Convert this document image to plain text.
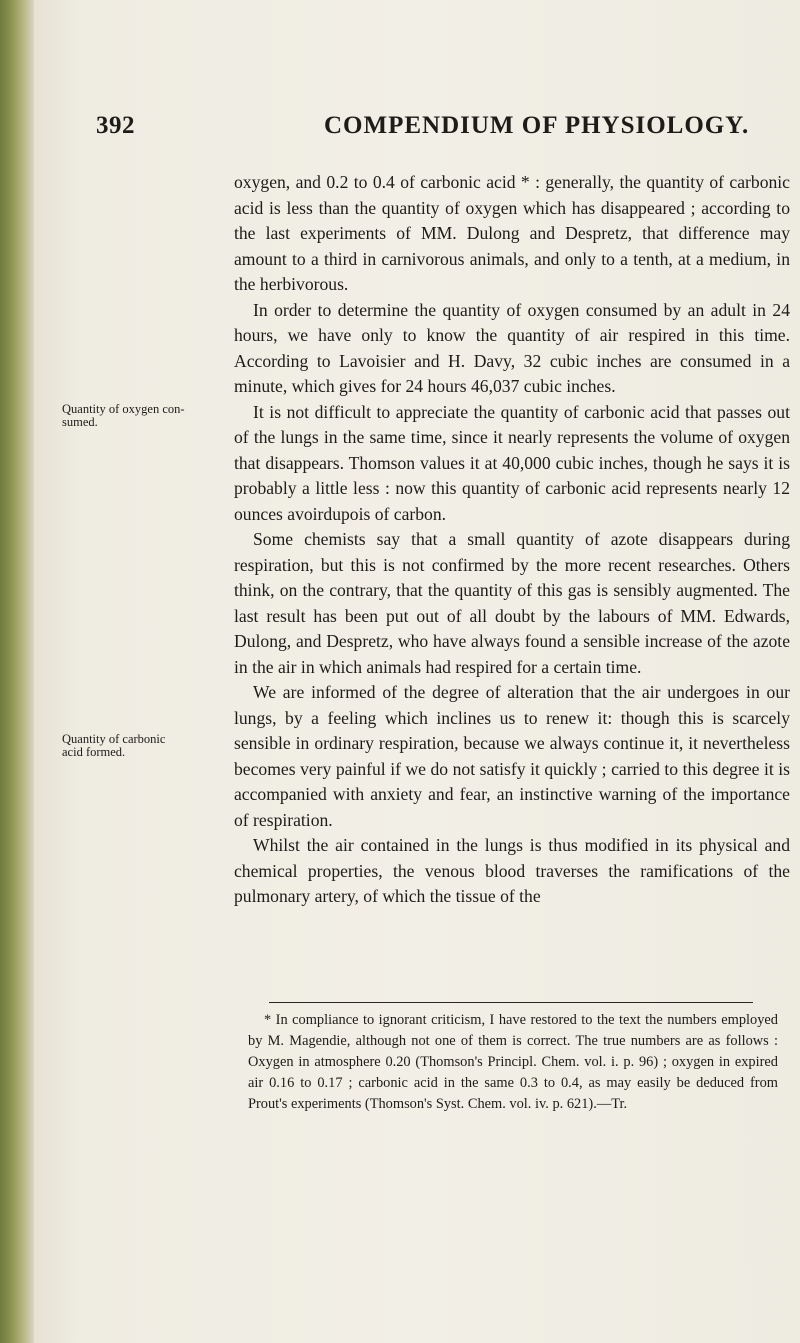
392	COMPENDIUM OF PHYSIOLOGY.
Quantity of oxygen con-sumed.
Quantity of carbonic acid formed.

oxygen, and 0.2 to 0.4 of carbonic acid * : generally, the quantity of carbonic acid is less than the quantity of oxygen which has disappeared ; according to the last experiments of MM. Dulong and Despretz, that difference may amount to a third in carnivorous animals, and only to a tenth, at a medium, in the herbivorous.

In order to determine the quantity of oxygen consumed by an adult in 24 hours, we have only to know the quantity of air respired in this time. According to Lavoisier and H. Davy, 32 cubic inches are consumed in a minute, which gives for 24 hours 46,037 cubic inches.

It is not difficult to appreciate the quantity of carbonic acid that passes out of the lungs in the same time, since it nearly represents the volume of oxygen that disappears. Thomson values it at 40,000 cubic inches, though he says it is probably a little less : now this quantity of carbonic acid represents nearly 12 ounces avoirdupois of carbon.

Some chemists say that a small quantity of azote disappears during respiration, but this is not confirmed by the more recent researches. Others think, on the contrary, that the quantity of this gas is sensibly augmented. The last result has been put out of all doubt by the labours of MM. Edwards, Dulong, and Despretz, who have always found a sensible increase of the azote in the air in which animals had respired for a certain time.

We are informed of the degree of alteration that the air undergoes in our lungs, by a feeling which inclines us to renew it: though this is scarcely sensible in ordinary respiration, because we always continue it, it nevertheless becomes very painful if we do not satisfy it quickly ; carried to this degree it is accompanied with anxiety and fear, an instinctive warning of the importance of respiration.

Whilst the air contained in the lungs is thus modified in its physical and chemical properties, the venous blood traverses the ramifications of the pulmonary artery, of which the tissue of the

* In compliance to ignorant criticism, I have restored to the text the numbers employed by M. Magendie, although not one of them is correct. The true numbers are as follows : Oxygen in atmosphere 0.20 (Thomson's Principl. Chem. vol. i. p. 96) ; oxygen in expired air 0.16 to 0.17 ; carbonic acid in the same 0.3 to 0.4, as may easily be deduced from Prout's experiments (Thomson's Syst. Chem. vol. iv. p. 621).—Tr.
